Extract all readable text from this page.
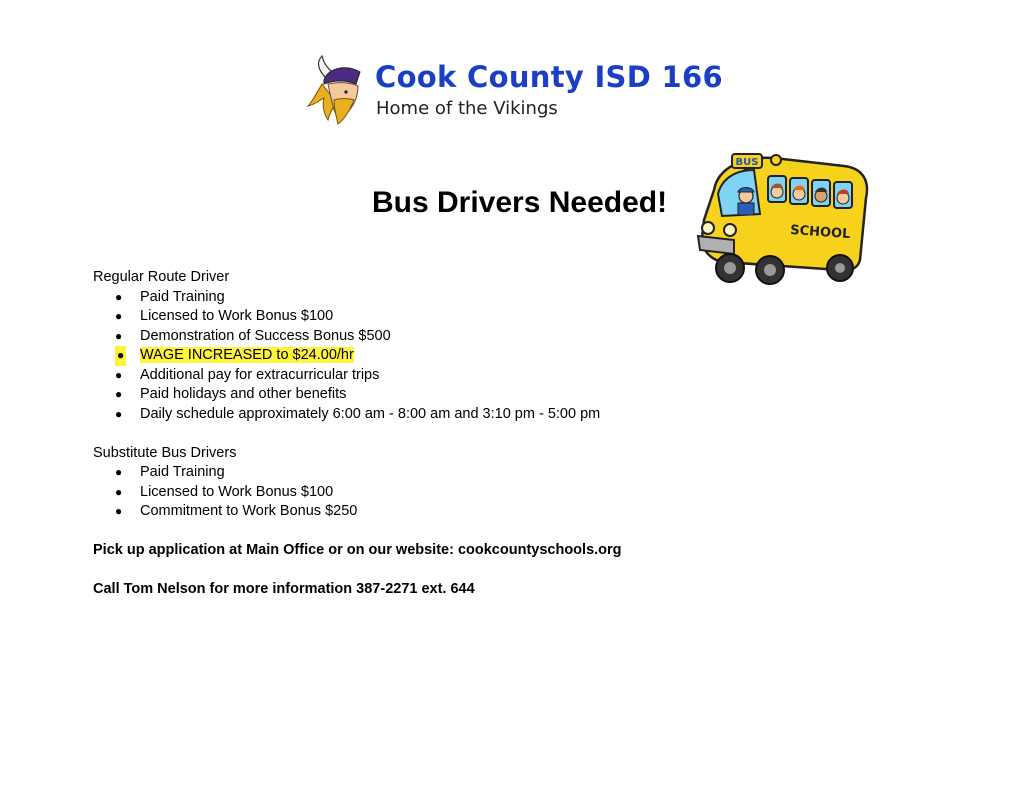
Cook County ISD 166
Home of the Vikings
Bus Drivers Needed!
BUS
SCHOOL

Regular Route Driver

● Paid Training
● Licensed to Work Bonus $100
● Demonstration of Success Bonus $500
● WAGE INCREASED to $24.00/hr
● Additional pay for extracurricular trips
● Paid holidays and other benefits
● Daily schedule approximately 6:00 am - 8:00 am and 3:10 pm - 5:00 pm

Substitute Bus Drivers

● Paid Training
● Licensed to Work Bonus $100
● Commitment to Work Bonus $250

Pick up application at Main Office or on our website: cookcountyschools.org

Call Tom Nelson for more information 387-2271 ext. 644
